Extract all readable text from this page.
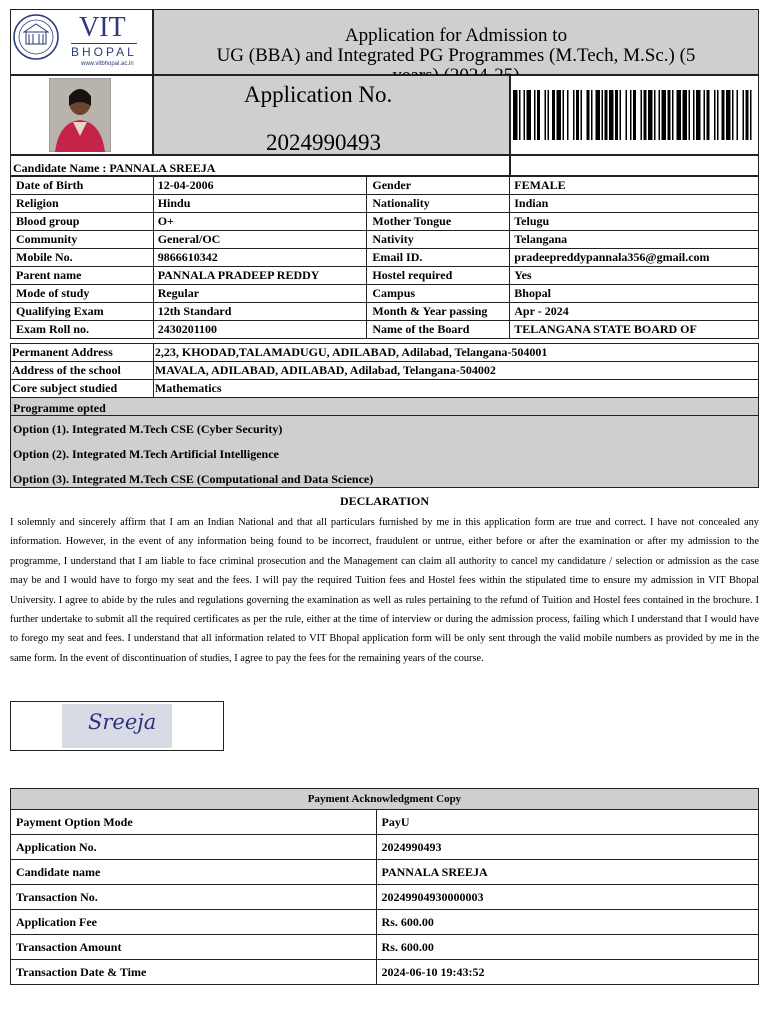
VIT
BHOPAL
www.vitbhopal.ac.in
Application for Admission to
UG (BBA) and Integrated PG Programmes (M.Tech, M.Sc.) (5
Application No.
2024990493
Candidate Name : PANNALA SREEJA
Date of Birth	12-04-2006	Gender	FEMALE
Religion	Hindu	Nationality	Indian
Blood group	O+	Mother Tongue	Telugu
Community	General/OC	Nativity	Telangana
Mobile No.	9866610342	Email ID.	pradeepreddypannala356@gmail.com
Parent name	PANNALA PRADEEP REDDY	Hostel required	Yes
Mode of study	Regular	Campus	Bhopal
Qualifying Exam	12th Standard	Month & Year passing	Apr - 2024
Exam Roll no.	2430201100	Name of the Board	TELANGANA STATE BOARD OF
Permanent Address	2,23, KHODAD,TALAMADUGU, ADILABAD, Adilabad, Telangana-504001
Address of the school	MAVALA, ADILABAD, ADILABAD, Adilabad, Telangana-504002
Core subject studied	Mathematics
Programme opted
Option (1). Integrated M.Tech CSE (Cyber Security)
Option (2). Integrated M.Tech Artificial Intelligence
Option (3). Integrated M.Tech CSE (Computational and Data Science)
DECLARATION
I solemnly and sincerely affirm that I am an Indian National and that all particulars furnished by me in this application form are true and correct. I have not concealed any information. However, in the event of any information being found to be incorrect, fraudulent or untrue, either before or after the examination or after my admission to the programme, I understand that I am liable to face criminal prosecution and the Management can claim all authority to cancel my candidature / selection or admission as the case may be and I would have to forgo my seat and the fees. I will pay the required Tuition fees and Hostel fees within the stipulated time to ensure my admission in VIT Bhopal University. I agree to abide by the rules and regulations governing the examination as well as rules pertaining to the refund of Tuition and Hostel fees contained in the brochure. I further undertake to submit all the required certificates as per the rule, either at the time of interview or during the admission process, failing which I understand that I would have to forego my seat and fees. I understand that all information related to VIT Bhopal application form will be only sent through the valid mobile numbers as provided by me in the same form. In the event of discontinuation of studies, I agree to pay the fees for the remaining years of the course.
Sreeja
Payment Acknowledgment Copy	
Payment Option Mode	PayU
Application No.	2024990493
Candidate name	PANNALA SREEJA
Transaction No.	20249904930000003
Application Fee	Rs. 600.00
Transaction Amount	Rs. 600.00
Transaction Date & Time	2024-06-10 19:43:52
